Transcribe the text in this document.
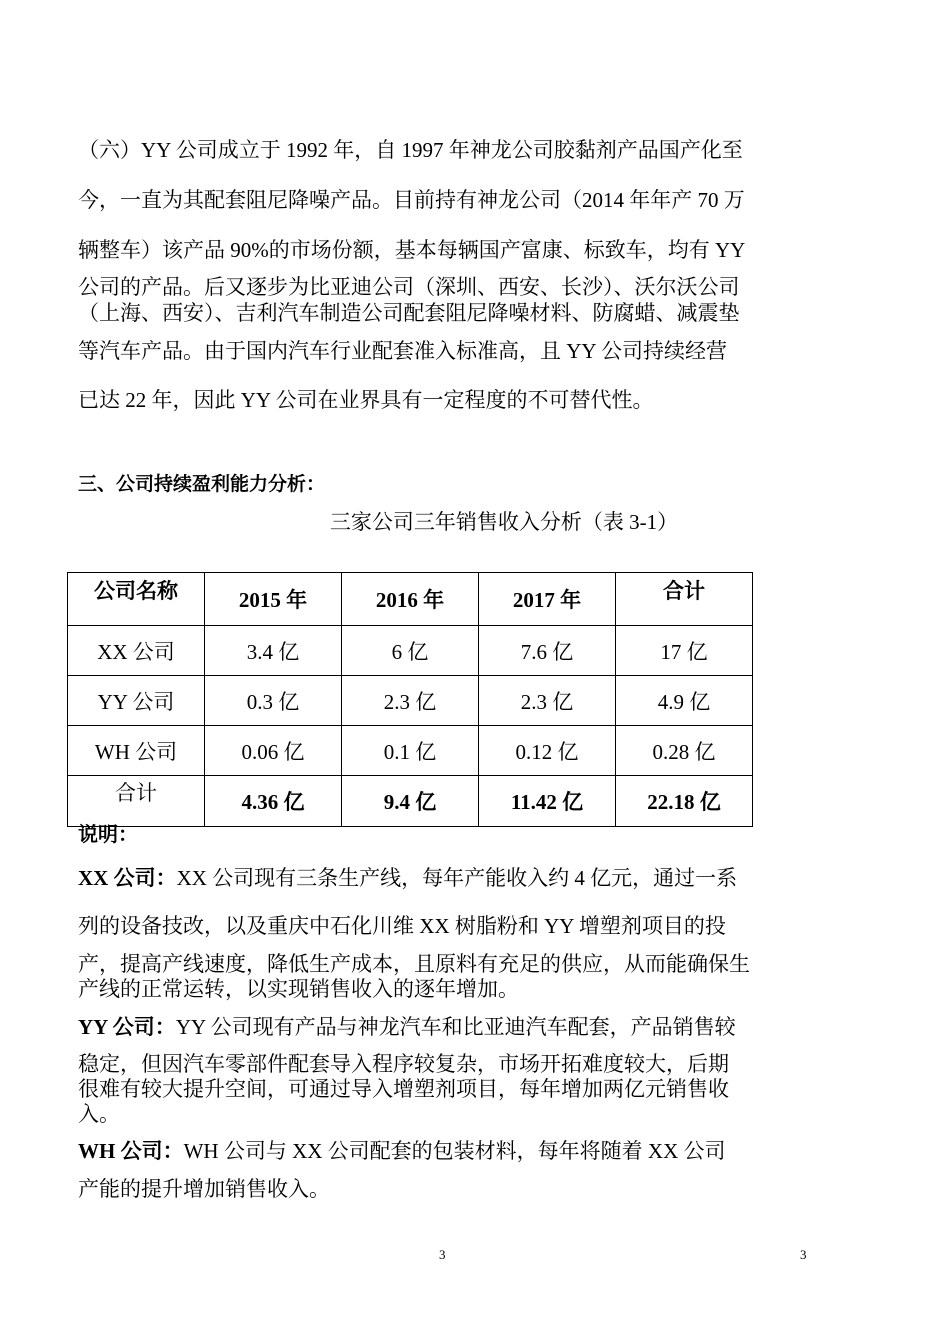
（六）YY 公司成立于 1992 年，自 1997 年神龙公司胶黏剂产品国产化至
今，一直为其配套阻尼降噪产品。目前持有神龙公司（2014 年年产 70 万
辆整车）该产品 90%的市场份额，基本每辆国产富康、标致车，均有 YY
公司的产品。后又逐步为比亚迪公司（深圳、西安、长沙）、沃尔沃公司
（上海、西安）、吉利汽车制造公司配套阻尼降噪材料、防腐蜡、减震垫
等汽车产品。由于国内汽车行业配套准入标准高，且 YY 公司持续经营
已达 22 年，因此 YY 公司在业界具有一定程度的不可替代性。
三、公司持续盈利能力分析：
三家公司三年销售收入分析（表 3-1）
公司名称	2015 年	2016 年	2017 年	合计
XX 公司	3.4 亿	6 亿	7.6 亿	17 亿
YY 公司	0.3 亿	2.3 亿	2.3 亿	4.9 亿
WH 公司	0.06 亿	0.1 亿	0.12 亿	0.28 亿
合计	4.36 亿	9.4 亿	11.42 亿	22.18 亿
说明：
XX 公司：XX 公司现有三条生产线，每年产能收入约 4 亿元，通过一系
列的设备技改，以及重庆中石化川维 XX 树脂粉和 YY 增塑剂项目的投
产，提高产线速度，降低生产成本，且原料有充足的供应，从而能确保生
产线的正常运转，以实现销售收入的逐年增加。
YY 公司：YY 公司现有产品与神龙汽车和比亚迪汽车配套，产品销售较
稳定，但因汽车零部件配套导入程序较复杂，市场开拓难度较大，后期
很难有较大提升空间，可通过导入增塑剂项目，每年增加两亿元销售收
入。
WH 公司：WH 公司与 XX 公司配套的包装材料，每年将随着 XX 公司
产能的提升增加销售收入。
3	3
